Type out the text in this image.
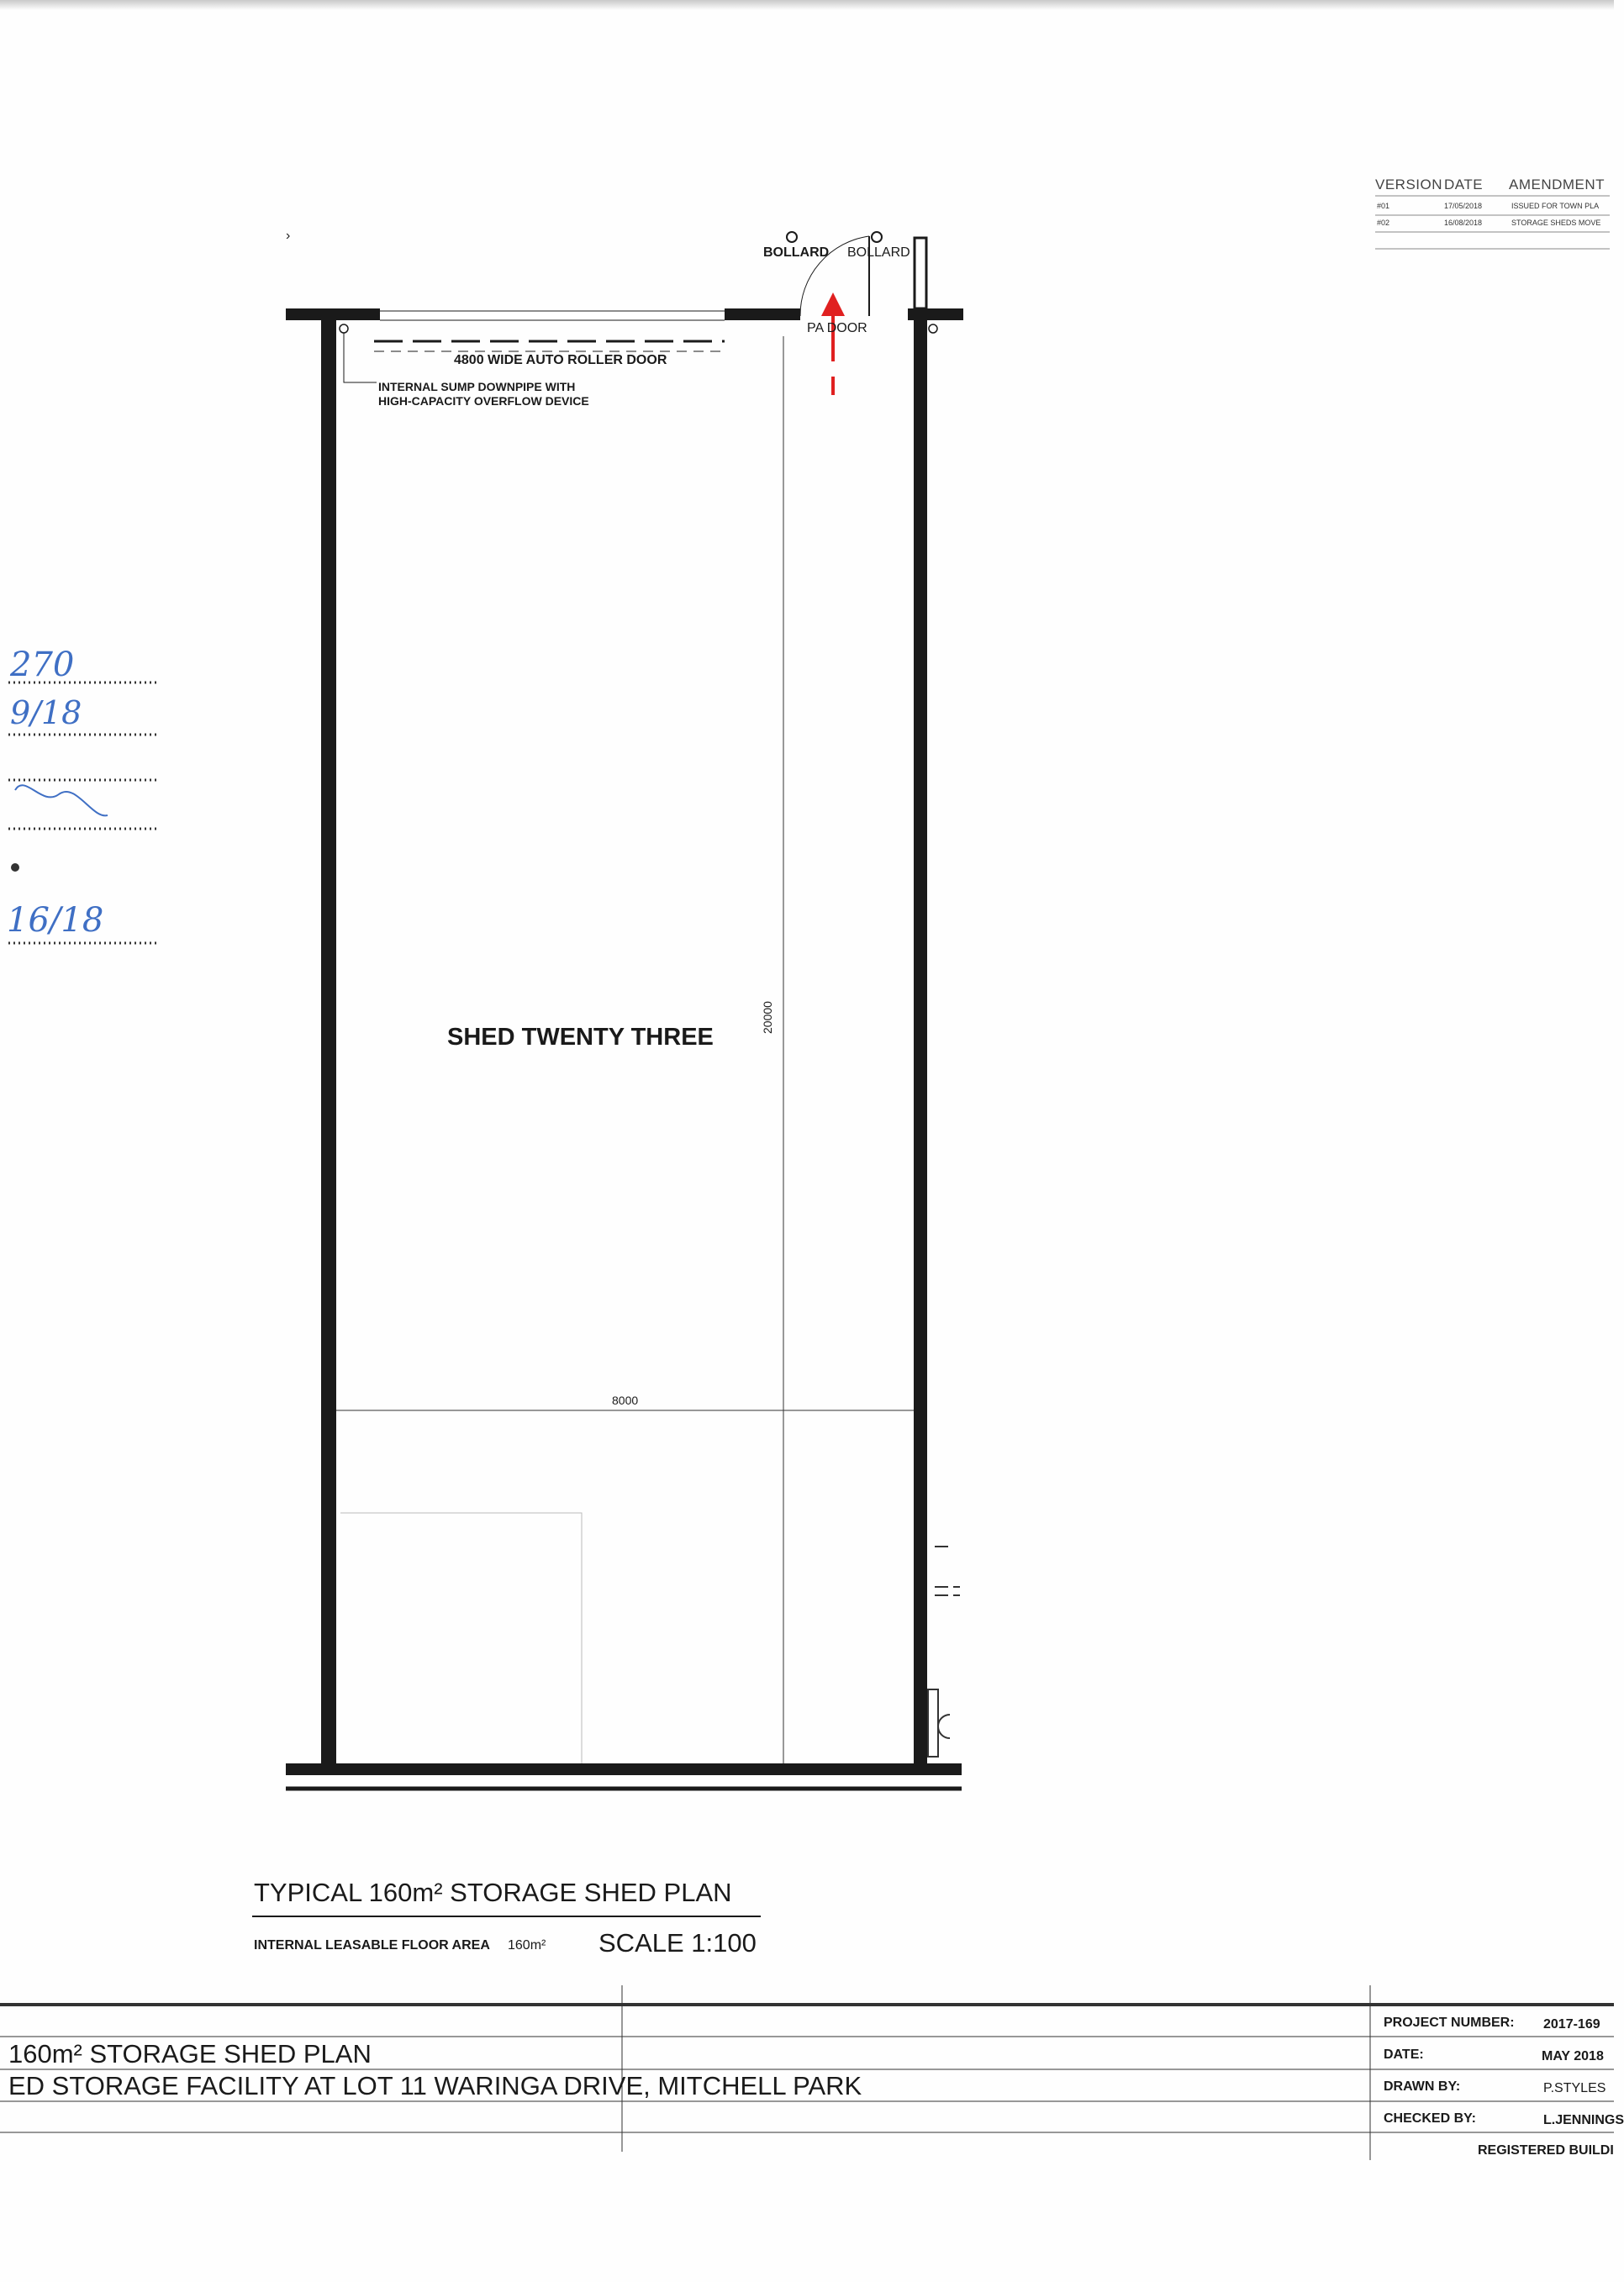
VERSION DATE AMENDMENT
#01	17/05/2018	ISSUED FOR TOWN PLA
#02	16/08/2018	STORAGE SHEDS MOVE
BOLLARD BOLLARD
PA DOOR
4800 WIDE AUTO ROLLER DOOR
INTERNAL SUMP DOWNPIPE WITH
HIGH-CAPACITY OVERFLOW DEVICE
SHED TWENTY THREE
20000
8000
›
270
9/18
16/18
TYPICAL 160m² STORAGE SHED PLAN
INTERNAL LEASABLE FLOOR AREA 160m² SCALE 1:100
160m² STORAGE SHED PLAN
ED STORAGE FACILITY AT LOT 11 WARINGA DRIVE, MITCHELL PARK
PROJECT NUMBER: 2017-169
DATE:	MAY 2018
DRAWN BY:	P.STYLES
CHECKED BY:	L.JENNINGS
REGISTERED BUILDI
